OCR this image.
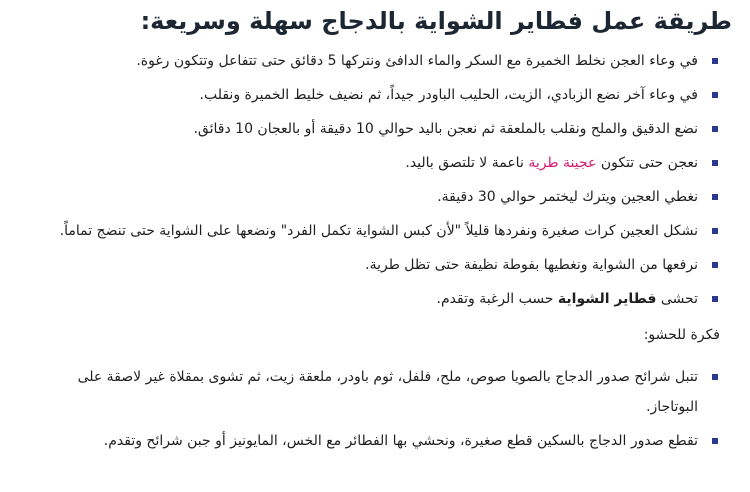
طريقة عمل فطاير الشواية بالدجاج سهلة وسريعة:
في وعاء العجن نخلط الخميرة مع السكر والماء الدافئ ونتركها 5 دقائق حتى تتفاعل وتتكون رغوة.
في وعاء آخر نضع الزبادي، الزيت، الحليب الباودر جيداً، ثم نضيف خليط الخميرة ونقلب.
نضع الدقيق والملح ونقلب بالملعقة ثم نعجن باليد حوالي 10 دقيقة أو بالعجان 10 دقائق.
نعجن حتى تتكون عجينة طرية ناعمة لا تلتصق باليد.
نغطي العجين ويترك ليختمر حوالي 30 دقيقة.
نشكل العجين كرات صغيرة ونفردها قليلاً "لأن كبس الشواية تكمل الفرد" ونضعها على الشواية حتى تنضج تماماً.
نرفعها من الشواية ونغطيها بفوطة نظيفة حتى تظل طرية.
تحشى فطاير الشواية حسب الرغبة وتقدم.
فكرة للحشو:
تتبل شرائح صدور الدجاج بالصويا صوص، ملح، فلفل، ثوم باودر، ملعقة زيت، ثم تشوى بمقلاة غير لاصقة على البوتاجاز.
تقطع صدور الدجاج بالسكين قطع صغيرة، ونحشي بها الفطائر مع الخس، المايونيز أو جبن شرائح وتقدم.
